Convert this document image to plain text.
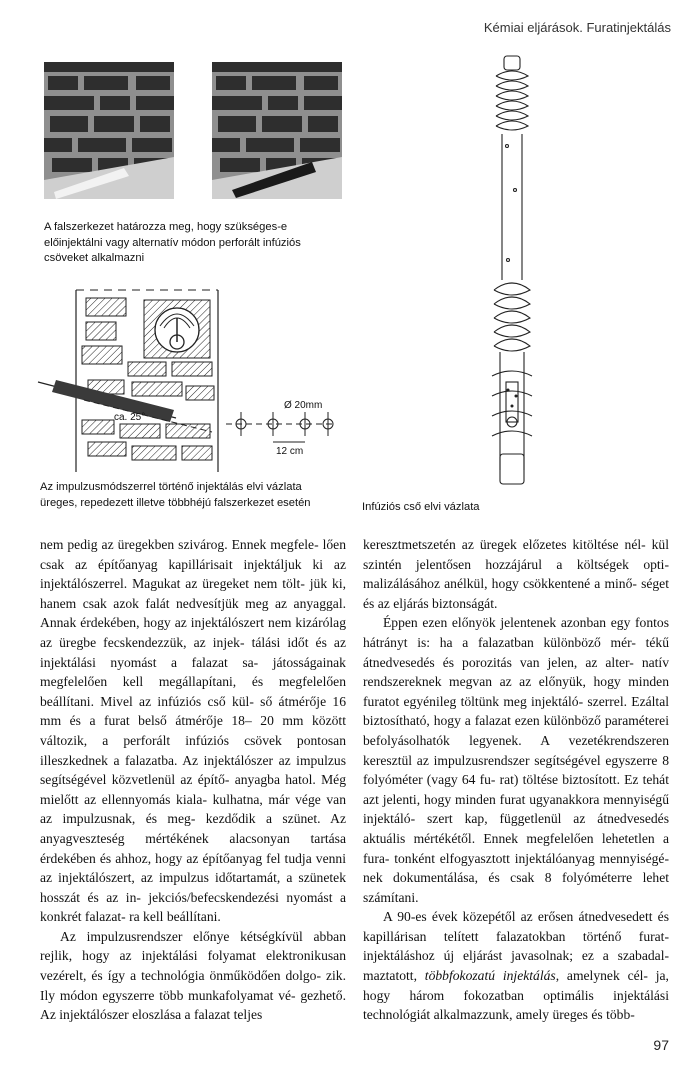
Kémiai eljárások. Furatinjektálás
A falszerkezet határozza meg, hogy szükséges-e
előinjektálni vagy alternatív módon perforált infúziós
csöveket alkalmazni
ca. 25°
Ø 20mm
12 cm
Az impulzusmódszerrel történő injektálás elvi vázlata
üreges, repedezett illetve többhéjú falszerkezet esetén	Infúziós cső elvi vázlata

nem pedig az üregekben szivárog. Ennek megfele- lően csak az építőanyag kapillárisait injektáljuk ki az injektálószerrel. Magukat az üregeket nem tölt- jük ki, hanem csak azok falát nedvesítjük meg az anyaggal. Annak érdekében, hogy az injektálószert nem kizárólag az üregbe fecskendezzük, az injek- tálási időt és az injektálási nyomást a falazat sa- játosságainak megfelelően kell megállapítani, és megfelelően beállítani. Mivel az infúziós cső kül- ső átmérője 16 mm és a furat belső átmérője 18– 20 mm között változik, a perforált infúziós csövek pontosan illeszkednek a falazatba. Az injektálószer az impulzus segítségével közvetlenül az építő- anyagba hatol. Még mielőtt az ellennyomás kiala- kulhatna, már vége van az impulzusnak, és meg- kezdődik a szünet. Az anyagveszteség mértékének alacsonyan tartása érdekében és ahhoz, hogy az építőanyag fel tudja venni az injektálószert, az impulzus időtartamát, a szünetek hosszát és az in- jekciós/befecskendezési nyomást a konkrét falazat- ra kell beállítani.

Az impulzusrendszer előnye kétségkívül abban rejlik, hogy az injektálási folyamat elektronikusan vezérelt, és így a technológia önműködően dolgo- zik. Ily módon egyszerre több munkafolyamat vé- gezhető. Az injektálószer eloszlása a falazat teljes

keresztmetszetén az üregek előzetes kitöltése nél- kül szintén jelentősen hozzájárul a költségek opti- malizálásához anélkül, hogy csökkentené a minő- séget és az eljárás biztonságát.

Éppen ezen előnyök jelentenek azonban egy fontos hátrányt is: ha a falazatban különböző mér- tékű átnedvesedés és porozitás van jelen, az alter- natív rendszereknek megvan az az előnyük, hogy minden furatot egyénileg töltünk meg injektáló- szerrel. Ezáltal biztosítható, hogy a falazat ezen különböző paraméterei befolyásolhatók legyenek. A vezetékrendszeren keresztül az impulzusrendszer segítségével egyszerre 8 folyóméter (vagy 64 fu- rat) töltése biztosított. Ez tehát azt jelenti, hogy minden furat ugyanakkora mennyiségű injektáló- szert kap, függetlenül az átnedvesedés aktuális mértékétől. Ennek megfelelően lehetetlen a fura- tonként elfogyasztott injektálóanyag mennyiségé- nek dokumentálása, és csak 8 folyóméterre lehet számítani.

A 90-es évek közepétől az erősen átnedvesedett és kapillárisan telített falazatokban történő furat- injektáláshoz új eljárást javasolnak; ez a szabadal- maztatott, többfokozatú injektálás, amelynek cél- ja, hogy három fokozatban optimális injektálási technológiát alkalmazzunk, amely üreges és több-

97
